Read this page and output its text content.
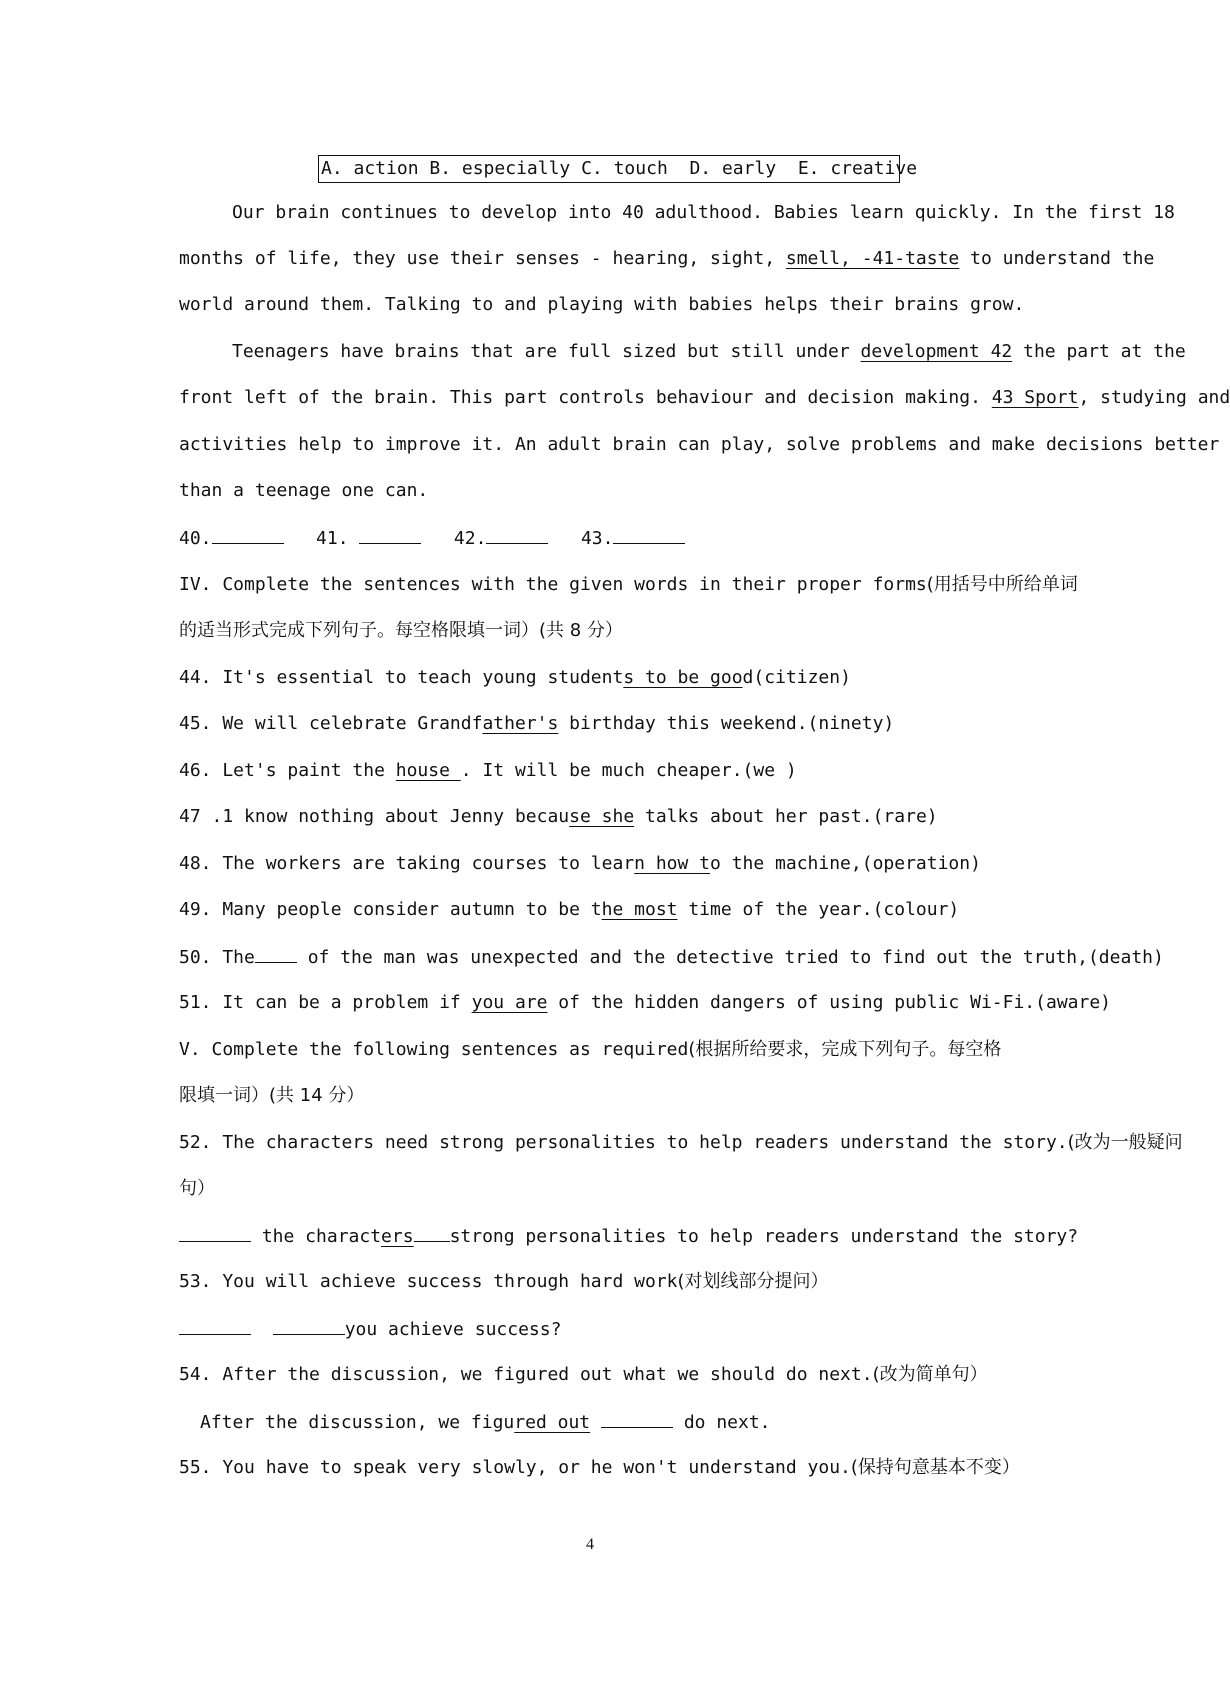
A. action B. especially C. touch  D. early  E. creative
Our brain continues to develop into 40 adulthood. Babies learn quickly. In the first 18
months of life, they use their senses - hearing, sight, smell, -41-taste to understand the
world around them. Talking to and playing with babies helps their brains grow.
Teenagers have brains that are full sized but still under development 42 the part at the
front left of the brain. This part controls behaviour and decision making. 43 Sport, studying and
activities help to improve it. An adult brain can play, solve problems and make decisions better
than a teenage one can.
40.	41.	42.	43.
IV. Complete the sentences with the given words in their proper forms(用括号中所给单词
的适当形式完成下列句子。每空格限填一词）(共 8 分）
44. It's essential to teach young students to be good(citizen)
45. We will celebrate Grandfather's birthday this weekend.(ninety)
46. Let's paint the house . It will be much cheaper.(we )
47 .1 know nothing about Jenny because she talks about her past.(rare)
48. The workers are taking courses to learn how to the machine,(operation)
49. Many people consider autumn to be the most time of the year.(colour)
50. The of the man was unexpected and the detective tried to find out the truth,(death)
51. It can be a problem if you are of the hidden dangers of using public Wi-Fi.(aware)
V. Complete the following sentences as required(根据所给要求，完成下列句子。每空格
限填一词）(共 14 分）
52. The characters need strong personalities to help readers understand the story.(改为一般疑问
句）
the characters strong personalities to help readers understand the story?
53. You will achieve success through hard work(对划线部分提问）
you achieve success?
54. After the discussion, we figured out what we should do next.(改为简单句）
After the discussion, we figured out	do next.
55. You have to speak very slowly, or he won't understand you.(保持句意基本不变）
4
